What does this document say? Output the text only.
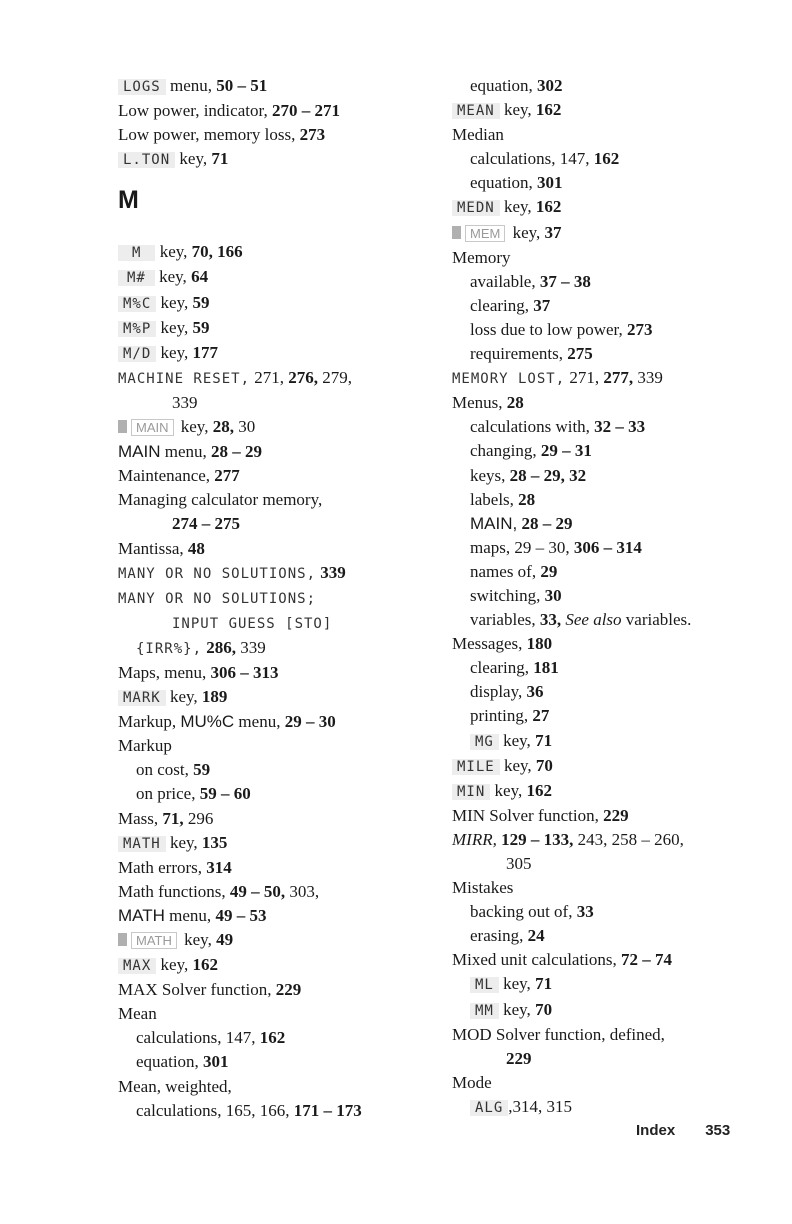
LOGS menu, 50 – 51
Low power, indicator, 270 – 271
Low power, memory loss, 273
L.TON key, 71
M
M key, 70, 166
M# key, 64
M%C key, 59
M%P key, 59
M/D key, 177
MACHINE RESET, 271, 276, 279,
339
MAIN key, 28, 30
MAIN menu, 28 – 29
Maintenance, 277
Managing calculator memory,
274 – 275
Mantissa, 48
MANY OR NO SOLUTIONS, 339
MANY OR NO SOLUTIONS;
INPUT GUESS [STO]
{IRR%}, 286, 339
Maps, menu, 306 – 313
MARK key, 189
Markup, MU%C menu, 29 – 30
Markup
on cost, 59
on price, 59 – 60
Mass, 71, 296
MATH key, 135
Math errors, 314
Math functions, 49 – 50, 303,
MATH menu, 49 – 53
MATH key, 49
MAX key, 162
MAX Solver function, 229
Mean
calculations, 147, 162
equation, 301
Mean, weighted,
calculations, 165, 166, 171 – 173
equation, 302
MEAN key, 162
Median
calculations, 147, 162
equation, 301
MEDN key, 162
MEM key, 37
Memory
available, 37 – 38
clearing, 37
loss due to low power, 273
requirements, 275
MEMORY LOST, 271, 277, 339
Menus, 28
calculations with, 32 – 33
changing, 29 – 31
keys, 28 – 29, 32
labels, 28
MAIN, 28 – 29
maps, 29 – 30, 306 – 314
names of, 29
switching, 30
variables, 33, See also variables.
Messages, 180
clearing, 181
display, 36
printing, 27
MG key, 71
MILE key, 70
MIN key, 162
MIN Solver function, 229
MIRR, 129 – 133, 243, 258 – 260,
305
Mistakes
backing out of, 33
erasing, 24
Mixed unit calculations, 72 – 74
ML key, 71
MM key, 70
MOD Solver function, defined,
229
Mode
ALG ,314, 315
Index 353
